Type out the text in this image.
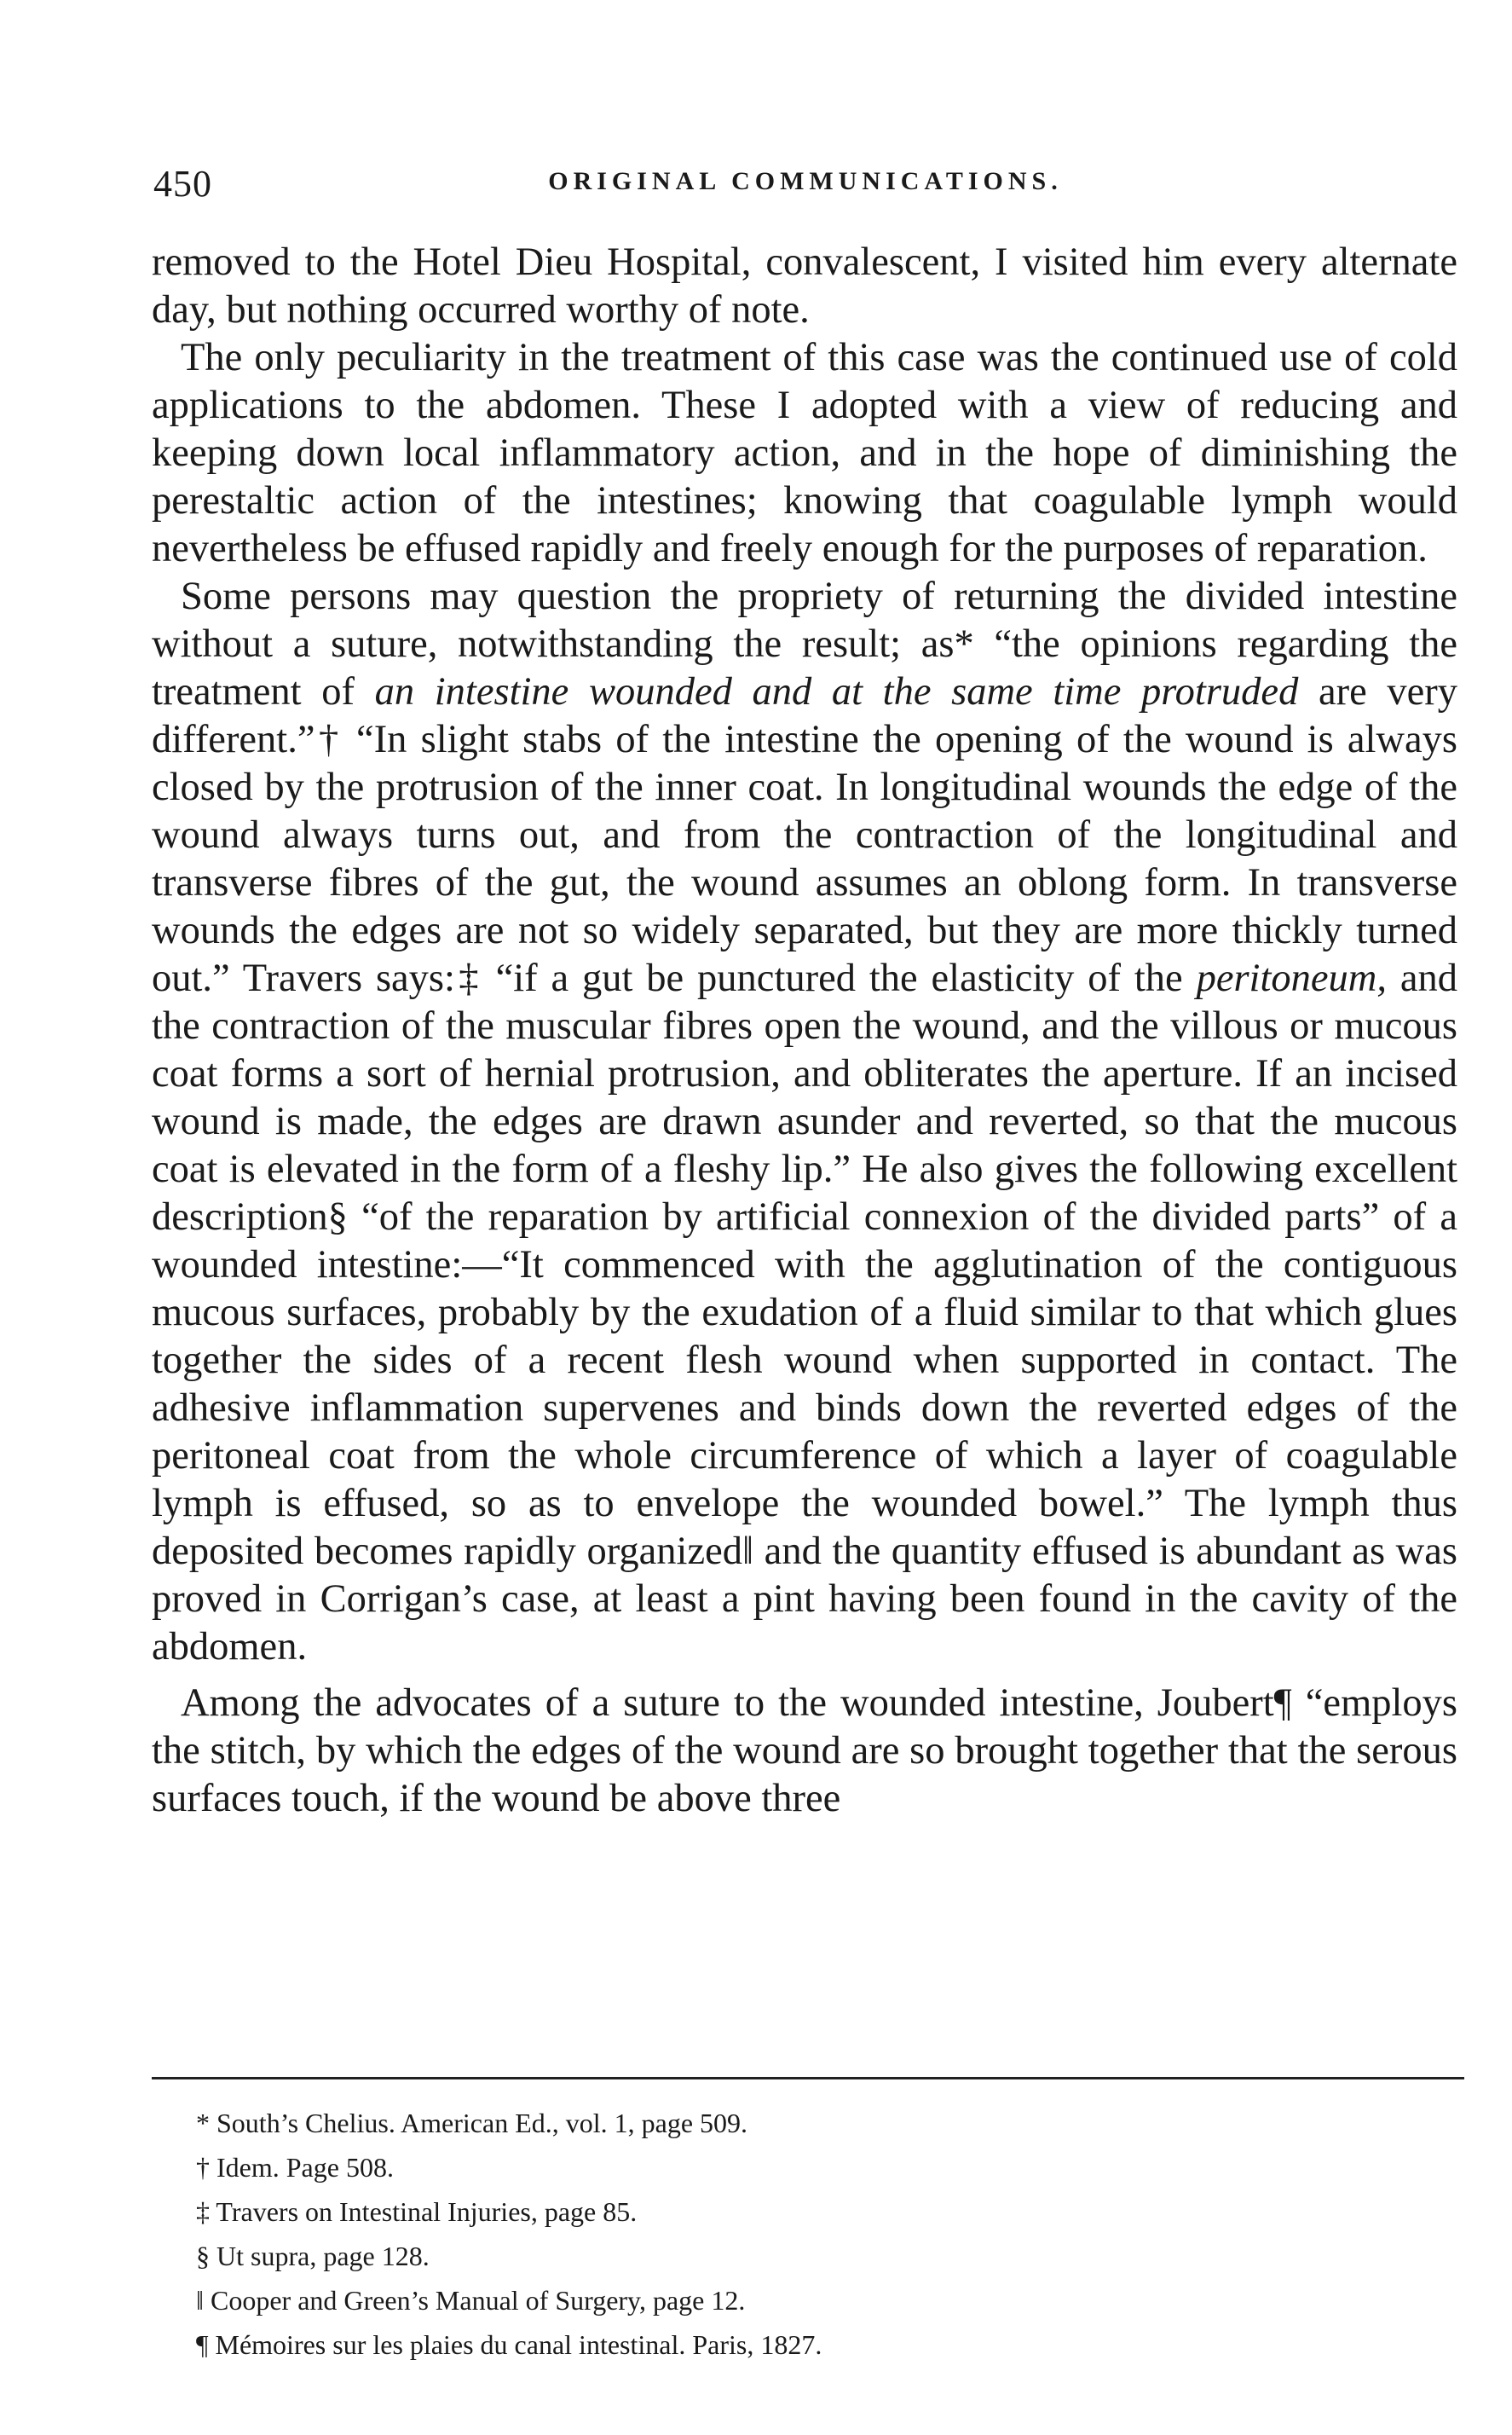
450	ORIGINAL COMMUNICATIONS.

removed to the Hotel Dieu Hospital, convalescent, I visited him every alternate day, but nothing occurred worthy of note.

The only peculiarity in the treatment of this case was the continued use of cold applications to the abdomen. These I adopted with a view of reducing and keeping down local inflammatory action, and in the hope of diminishing the perestaltic action of the intestines; knowing that coagulable lymph would nevertheless be effused rapidly and freely enough for the purposes of reparation.

Some persons may question the propriety of returning the divided intestine without a suture, notwithstanding the result; as* “the opinions regarding the treatment of an intestine wounded and at the same time protruded are very different.”† “In slight stabs of the intestine the opening of the wound is always closed by the protrusion of the inner coat. In longitudinal wounds the edge of the wound always turns out, and from the contraction of the longitudinal and transverse fibres of the gut, the wound assumes an oblong form. In transverse wounds the edges are not so widely separated, but they are more thickly turned out.” Travers says:‡ “if a gut be punctured the elasticity of the peritoneum, and the contraction of the muscular fibres open the wound, and the villous or mucous coat forms a sort of hernial protrusion, and obliterates the aperture. If an incised wound is made, the edges are drawn asunder and reverted, so that the mucous coat is elevated in the form of a fleshy lip.” He also gives the following excellent description§ “of the reparation by artificial connexion of the divided parts” of a wounded intestine:—“It commenced with the agglutination of the contiguous mucous surfaces, probably by the exudation of a fluid similar to that which glues together the sides of a recent flesh wound when supported in contact. The adhesive inflammation supervenes and binds down the reverted edges of the peritoneal coat from the whole circumference of which a layer of coagulable lymph is effused, so as to envelope the wounded bowel.” The lymph thus deposited becomes rapidly organized‖ and the quantity effused is abundant as was proved in Corrigan’s case, at least a pint having been found in the cavity of the abdomen.

Among the advocates of a suture to the wounded intestine, Joubert¶ “employs the stitch, by which the edges of the wound are so brought together that the serous surfaces touch, if the wound be above three

* South’s Chelius. American Ed., vol. 1, page 509.
† Idem. Page 508.
‡ Travers on Intestinal Injuries, page 85.
§ Ut supra, page 128.
‖ Cooper and Green’s Manual of Surgery, page 12.
¶ Mémoires sur les plaies du canal intestinal. Paris, 1827.
